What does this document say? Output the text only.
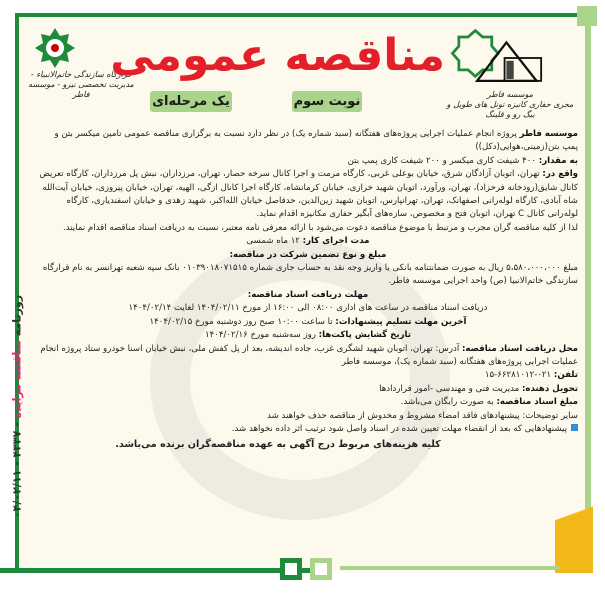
روزنامه مناقصه مزایده - ۴۳۳۷ - ۰۴/۰۲/۱۱
قرارگاه سازندگی خاتم‌الانبیاء - مدیریت تخصصی نیرو - موسسه فاطر
مناقصه عمومی
نوبت سوم
یک مرحله‌ای	موسسه فاطر
مجری حفاری کانیزه تونل های طویل و بیگ رو و قلینگ

موسسه فاطر پروژه انجام عملیات اجرایی پروژه‌های هفتگانه (سبد شماره یک) در نظر دارد نسبت به برگزاری مناقصه عمومی تامین میکسر بتن و پمپ بتن(زمینی،هوایی(دکل))

به مقدار: ۴۰۰ شیفت کاری میکسر و ۲۰۰ شیفت کاری پمپ بتن

واقع در: تهران، اتوبان آزادگان شرق، خیابان بوعلی غربی، کارگاه مرمت و اجرا کانال سرخه حصار، تهران، مرزداران، نبش پل مرزداران، کارگاه تعریض کانال شایق(رودخانه فرحزاد)، تهران، ورآورد، اتوبان شهید خرازی، خیابان کرمانشاه، کارگاه اجرا کانال ازگی، الهیه، تهران، خیابان پیروزی، خیابان آیت‌الله شاه آبادی، کارگاه لوله‌رانی اصفهانک، تهران، تهرانپارس، اتوبان شهید زین‌الدین، حدفاصل خیابان الله‌اکبر، شهید زهدی و خیابان اسفندیاری، کارگاه لوله‌رانی کانال C تهران، اتوبان فتح و مخصوص، سازه‌های آبگیر حفاری مکانیزه اقدام نماید.

لذا از کلیه مناقصه گران مجرب و مرتبط با موضوع مناقصه دعوت می‌شود با ارائه معرفی نامه معتبر، نسبت به دریافت اسناد مناقصه اقدام نمایند.

مدت اجرای کار: ۱۲ ماه شمسی

مبلغ و نوع تضمین شرکت در مناقصه:

مبلغ ۵،۵۸۰،۰۰۰،۰۰۰ ریال به صورت ضمانتنامه بانکی یا واریز وجه نقد به حساب جاری شماره ۰۱۰۳۹۰۱۸۰۷۱۵۱۵ بانک سپه شعبه تهرانسر به نام قرارگاه سازندگی خاتم‌الانبیا (ص) واحد اجرایی موسسه فاطر.

مهلت دریافت اسناد مناقصه:

دریافت اسناد مناقصه در ساعت های اداری ۰۸:۰۰ الی ۱۶:۰۰ از مورخ ۱۴۰۴/۰۲/۱۱ لغایت ۱۴۰۴/۰۲/۱۴

آخرین مهلت تسلیم پیشنهادات: تا ساعت ۱۰:۰۰ صبح روز دوشنبه مورخ ۱۴۰۴/۰۲/۱۵

تاریخ گشایش پاکت‌ها: روز سه‌شنبه مورخ ۱۴۰۴/۰۲/۱۶

محل دریافت اسناد مناقصه: آدرس: تهران، اتوبان شهید لشگری غرب، جاده اندیشه، بعد از پل کفش ملی، نبش خیابان اسنا خودرو ستاد پروژه انجام عملیات اجرایی پروژه‌های هفتگانه (سبد شماره یک)، موسسه فاطر

تلفن: ۰۲۱-۶۶۲۸۱۰۱۲-۱۵

تحویل دهنده: مدیریت فنی و مهندسی -امور قراردادها

مبلغ اسناد مناقصه: به صورت رایگان می‌باشد.

سایر توضیحات: پیشنهادهای فاقد امضاء مشروط و مخدوش از مناقصه حذف خواهند شد

پیشنهادهایی که بعد از انقضاء مهلت تعیین شده در اسناد واصل شود ترتیب اثر داده نخواهد شد.

کلیه هزینه‌های مربوط درج آگهی به عهده مناقصه‌گران برنده می‌باشد.
